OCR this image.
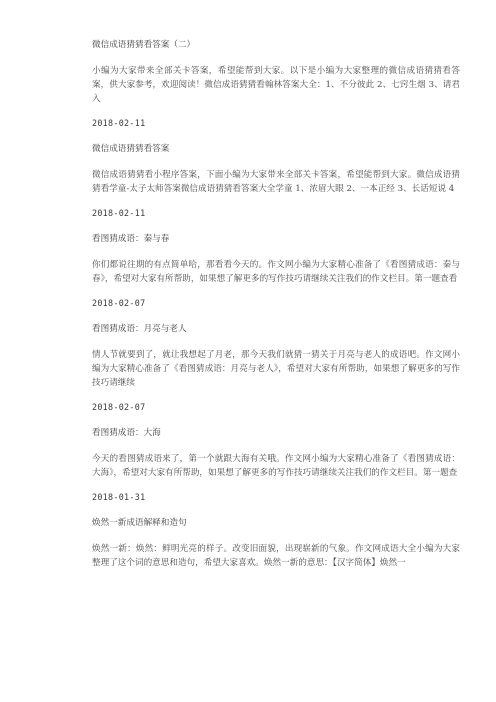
微信成语猜猜看答案（二）

小编为大家带来全部关卡答案，希望能帮到大家。以下是小编为大家整理的微信成语猜猜看答案，供大家参考，欢迎阅读！微信成语猜猜看翰林答案大全：1、不分彼此 2、七窍生烟 3、请君入

2018-02-11

微信成语猜猜看答案

微信成语猜猜看小程序答案，下面小编为大家带来全部关卡答案，希望能帮到大家。微信成语猜猜看学童-太子太师答案微信成语猜猜看答案大全学童 1、浓眉大眼 2、一本正经 3、长话短说 4

2018-02-11

看图猜成语：秦与春

你们都说往期的有点简单哈，那看看今天的。作文网小编为大家精心准备了《看图猜成语：秦与春》，希望对大家有所帮助，如果想了解更多的写作技巧请继续关注我们的作文栏目。第一题查看

2018-02-07

看图猜成语：月亮与老人

情人节就要到了，就让我想起了月老，那今天我们就猜一猜关于月亮与老人的成语吧。作文网小编为大家精心准备了《看图猜成语：月亮与老人》，希望对大家有所帮助，如果想了解更多的写作技巧请继续

2018-02-07

看图猜成语：大海

今天的看图猜成语来了，第一个就跟大海有关哦。作文网小编为大家精心准备了《看图猜成语：大海》，希望对大家有所帮助，如果想了解更多的写作技巧请继续关注我们的作文栏目。第一题查

2018-01-31

焕然一新成语解释和造句

焕然一新：焕然：鲜明光亮的样子。改变旧面貌，出现崭新的气象。作文网成语大全小编为大家整理了这个词的意思和造句，希望大家喜欢。焕然一新的意思：【汉字简体】焕然一
